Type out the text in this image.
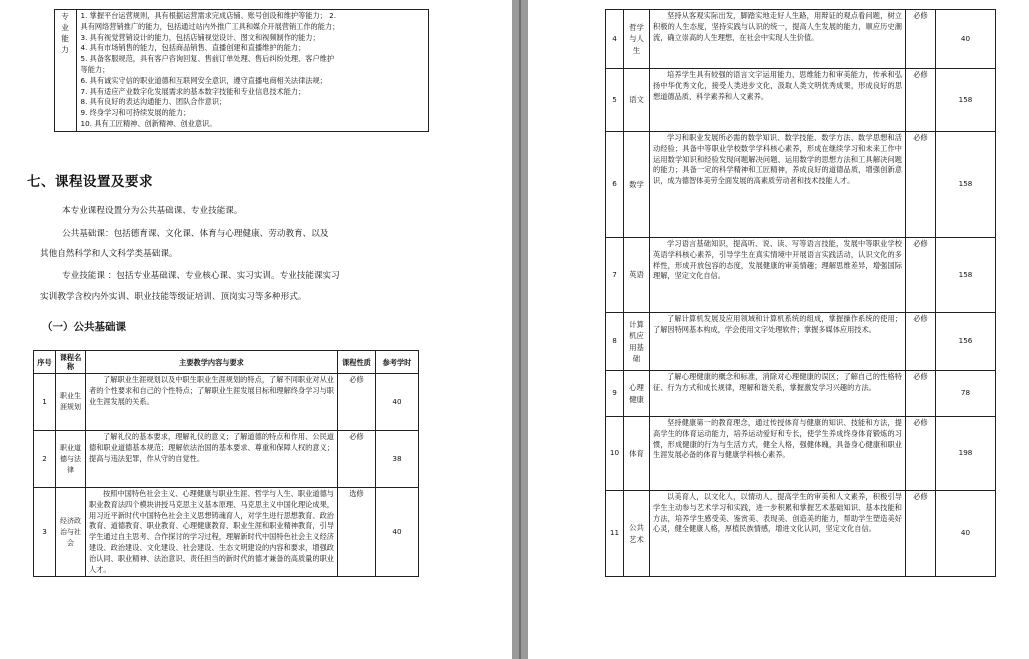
	专业能力	
1. 掌握平台运营规则，具有根据运营需求完成店铺、账号创设和维护等能力； 2.
具有网络营销推广的能力，包括通过站内外推广工具和媒介开展营销工作的能力；
3. 具有视觉营销设计的能力，包括店铺视觉设计、图文和视频制作的能力；
4. 具有市场销售的能力，包括商品销售、直播创建和直播维护的能力；
5. 具备客服规范，具有客户咨询回复、售前订单处理、售后纠纷处理、客户维护
等能力；
6. 具有诚实守信的职业道德和互联网安全意识，遵守直播电商相关法律法规；
7. 具有适应产业数字化发展需求的基本数字技能和专业信息技术能力；
8. 具有良好的表达沟通能力、团队合作意识；
9. 终身学习和可持续发展的能力；
10. 具有工匠精神、创新精神、创业意识。
七、课程设置及要求
本专业课程设置分为公共基础课、专业技能课。
公共基础课：包括德育课、文化课、体育与心理健康、劳动教育、以及
其他自然科学和人文科学类基础课。
专业技能课 ：包括专业基础课、专业核心课、实习实训。专业技能课实习
实训教学含校内外实训、职业技能等级证培训、顶岗实习等多种形式。
（一）公共基础课
序号	课程名称	主要教学内容与要求	课程性质	参考学时
1	职业生涯规划	了解职业生涯规划以及中职生职业生涯规划的特点，了解不同职业对从业者的个性要求和自己的个性特点；了解职业生涯发展目标和理解终身学习与职业生涯发展的关系。	必修	40
2	职业道德与法律	了解礼仪的基本要求，理解礼仪的意义；了解道德的特点和作用、公民道德和职业道德基本规范；理解依法治国的基本要求、尊重和保障人权的意义；提高与违法犯罪，作从守的自觉性。	必修	38
3	经济政治与社会	按照中国特色社会主义、心理健康与职业生涯、哲学与人生、职业道德与职业教育法四个模块讲授马克思主义基本原理、马克思主义中国化理论成果，用习近平新时代中国特色社会主义思想铸魂育人，对学生进行思想教育、政治教育、道德教育、职业教育、心理健康教育、职业生涯和职业精神教育，引导学生通过自主思考、合作探讨的学习过程，理解新时代中国特色社会主义经济建设、政治建设、文化建设、社会建设、生态文明建设的内容和要求，增强政治认同、职业精神、法治意识、责任担当的新时代的德才兼备的高质量的职业人才。	选修	40
4	哲学与人生	坚持从客观实际出发，脚踏实地走好人生路，用辩证的观点看问题，树立积极的人生态度，坚持实践与认识的统一，提高人生发展的能力，顺应历史潮流，确立崇高的人生理想，在社会中实现人生价值。	必修	40
5	语文	培养学生具有较强的语言文字运用能力、思维能力和审美能力，传承和弘扬中华优秀文化，接受人类进步文化，汲取人类文明优秀成果，形成良好的思想道德品质、科学素养和人文素养。	必修	158
6	数学	学习和职业发展所必需的数学知识、数学技能、数学方法、数学思想和活动经验；具备中等职业学校数学学科核心素养，形成在继续学习和未来工作中运用数学知识和经验发现问题解决问题、运用数学的思想方法和工具解决问题的能力；具备一定的科学精神和工匠精神，养成良好的道德品质，增强创新意识，成为德智体美劳全面发展的高素质劳动者和技术技能人才。	必修	158
7	英语	学习语言基础知识，提高听、说、读、写等语言技能，发展中等职业学校英语学科核心素养，引导学生在真实情境中开展语言实践活动，认识文化的多样性，形成开放包容的态度，发展健康的审美情趣；理解思维差异，增强国际理解，坚定文化自信。	必修	158
8	计算机应用基础	了解计算机发展及应用领域和计算机系统的组成，掌握操作系统的使用；了解因特网基本构成，学会使用文字处理软件；掌握多媒体应用技术。	必修	156
9	心理健康	了解心理健康的概念和标准，消除对心理健康的误区；了解自己的性格特征、行为方式和成长规律，理解和谐关系，掌握激发学习兴趣的方法。	必修	78
10	体育	坚持健康第一的教育理念，通过传授体育与健康的知识、技能和方法，提高学生的体育运动能力，培养运动爱好和专长，使学生养成终身体育锻炼的习惯，形成健康的行为与生活方式，健全人格，强健体魄，具备身心健康和职业生涯发展必备的体育与健康学科核心素养。	必修	198
11	公共艺术	以美育人，以文化人，以情动人，提高学生的审美和人文素养，积极引导学生主动参与艺术学习和实践，进一步积累和掌握艺术基础知识、基本技能和方法，培养学生感受美、鉴赏美、表现美、创造美的能力，帮助学生塑造美好心灵，健全健康人格，厚植民族情感，增进文化认同，坚定文化自信。	必修	40
